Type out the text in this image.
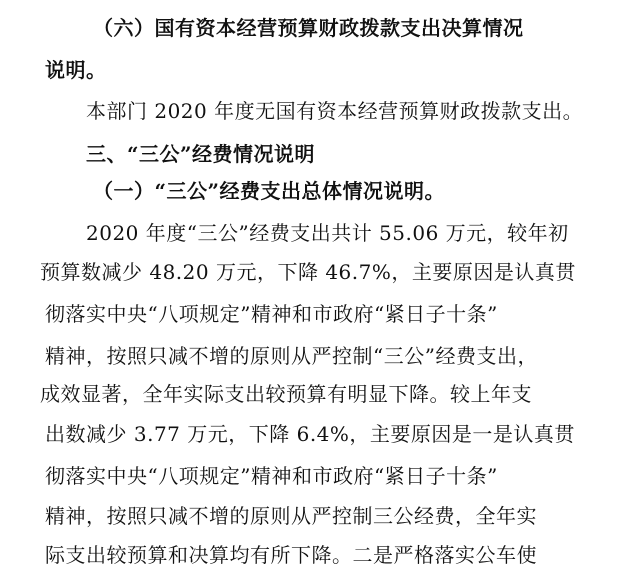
（六）国有资本经营预算财政拨款支出决算情况
说明。
本部门 2020 年度无国有资本经营预算财政拨款支出。
三、“三公”经费情况说明
（一）“三公”经费支出总体情况说明。
2020 年度“三公”经费支出共计 55.06 万元，较年初
预算数减少 48.20 万元，下降 46.7%，主要原因是认真贯
彻落实中央“八项规定”精神和市政府“紧日子十条”
精神，按照只减不增的原则从严控制“三公”经费支出，
成效显著，全年实际支出较预算有明显下降。较上年支
出数减少 3.77 万元，下降 6.4%，主要原因是一是认真贯
彻落实中央“八项规定”精神和市政府“紧日子十条”
精神，按照只减不增的原则从严控制三公经费，全年实
际支出较预算和决算均有所下降。二是严格落实公车使
